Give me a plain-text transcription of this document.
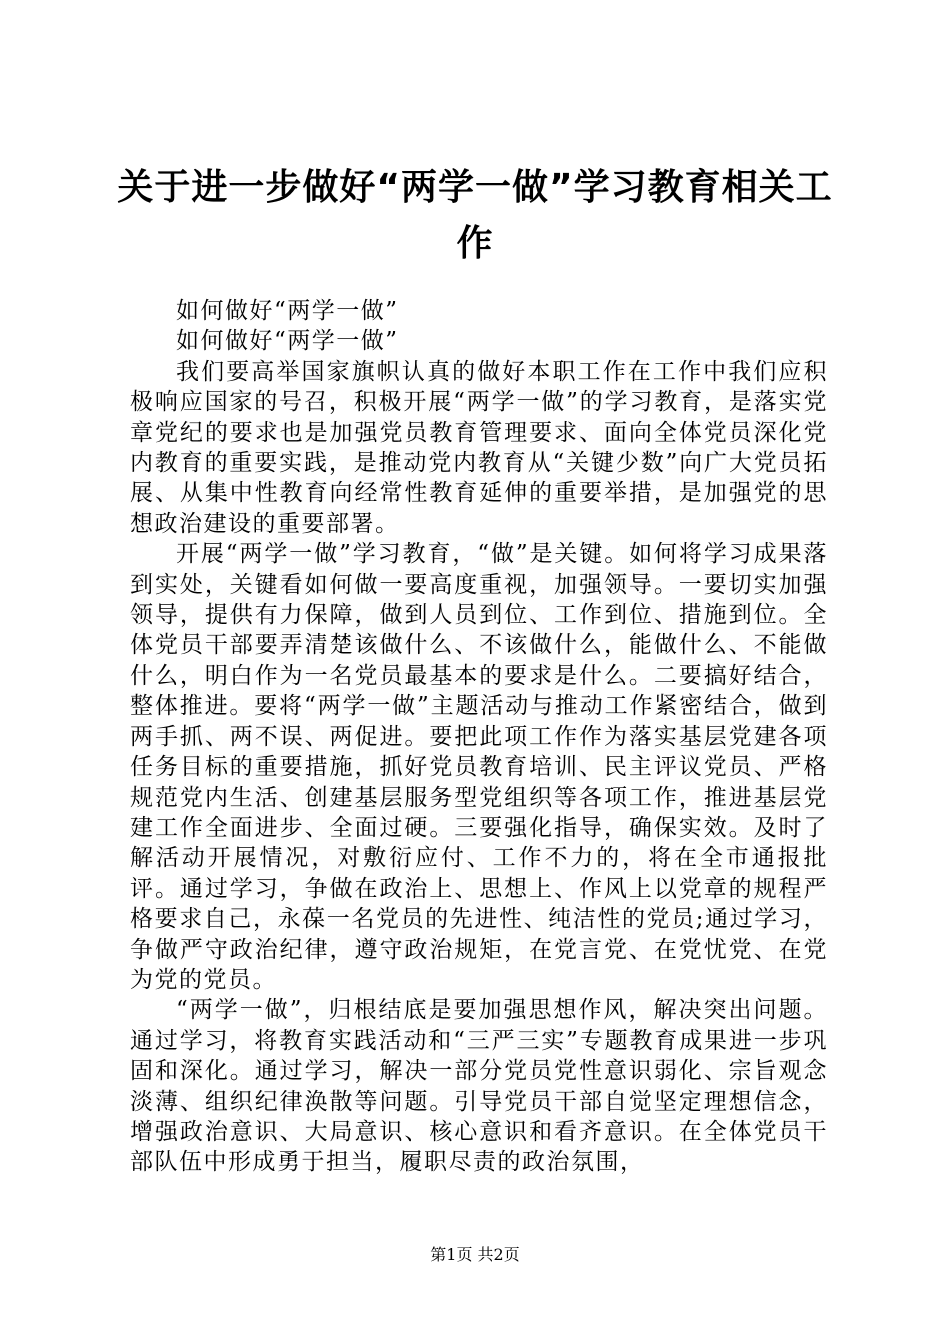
关于进一步做好“两学一做”学习教育相关工作

如何做好“两学一做”

如何做好“两学一做”

我们要高举国家旗帜认真的做好本职工作在工作中我们应积极响应国家的号召，积极开展“两学一做”的学习教育，是落实党章党纪的要求也是加强党员教育管理要求、面向全体党员深化党内教育的重要实践，是推动党内教育从“关键少数”向广大党员拓展、从集中性教育向经常性教育延伸的重要举措，是加强党的思想政治建设的重要部署。

开展“两学一做”学习教育，“做”是关键。如何将学习成果落到实处，关键看如何做一要高度重视，加强领导。一要切实加强领导，提供有力保障，做到人员到位、工作到位、措施到位。全体党员干部要弄清楚该做什么、不该做什么，能做什么、不能做什么，明白作为一名党员最基本的要求是什么。二要搞好结合，整体推进。要将“两学一做”主题活动与推动工作紧密结合，做到两手抓、两不误、两促进。要把此项工作作为落实基层党建各项任务目标的重要措施，抓好党员教育培训、民主评议党员、严格规范党内生活、创建基层服务型党组织等各项工作，推进基层党建工作全面进步、全面过硬。三要强化指导，确保实效。及时了解活动开展情况，对敷衍应付、工作不力的，将在全市通报批评。通过学习，争做在政治上、思想上、作风上以党章的规程严格要求自己，永葆一名党员的先进性、纯洁性的党员;通过学习，争做严守政治纪律，遵守政治规矩，在党言党、在党忧党、在党为党的党员。

“两学一做”，归根结底是要加强思想作风，解决突出问题。通过学习，将教育实践活动和“三严三实”专题教育成果进一步巩固和深化。通过学习，解决一部分党员党性意识弱化、宗旨观念淡薄、组织纪律涣散等问题。引导党员干部自觉坚定理想信念，增强政治意识、大局意识、核心意识和看齐意识。在全体党员干部队伍中形成勇于担当，履职尽责的政治氛围，

第1页 共2页
